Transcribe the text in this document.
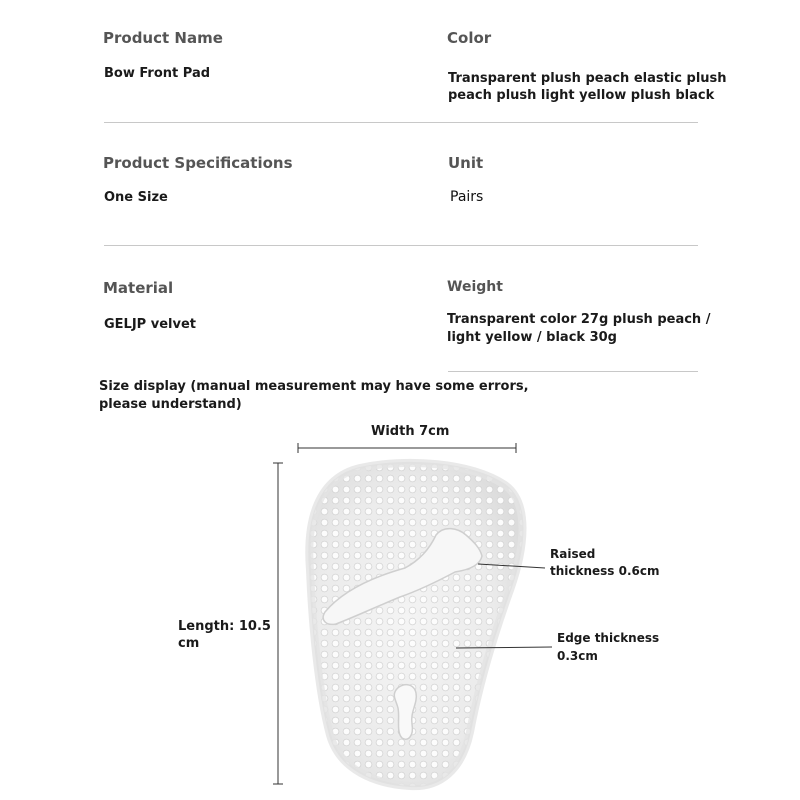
Product Name
Bow Front Pad
Color
Transparent plush peach elastic plush
peach plush light yellow plush black
Product Specifications
One Size
Unit
Pairs
Material
GELJP velvet
Weight
Transparent color 27g plush peach /
light yellow / black 30g
Size display (manual measurement may have some errors,
please understand)
Width 7cm
Length: 10.5
cm
Raised
thickness 0.6cm
Edge thickness
0.3cm
